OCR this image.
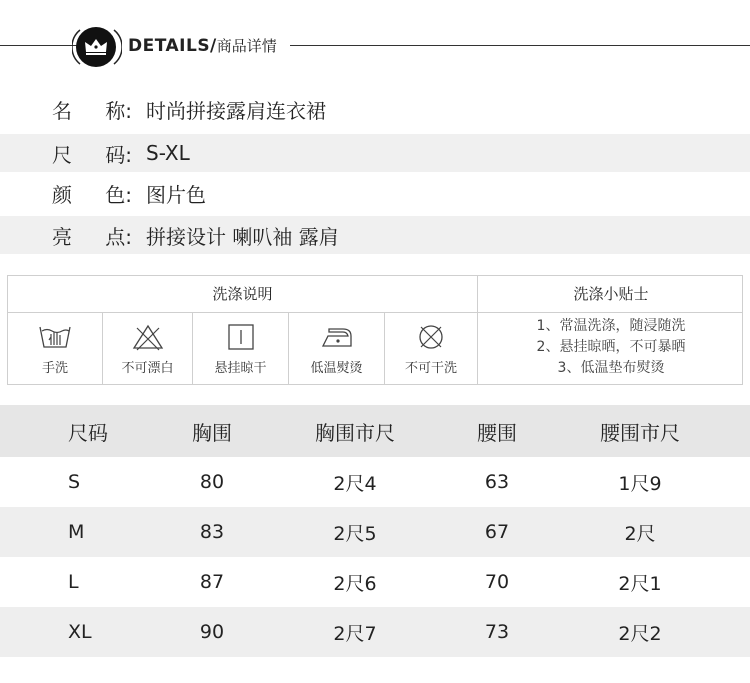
DETAILS/商品详情
名 称: 时尚拼接露肩连衣裙
尺 码: S-XL
颜 色: 图片色
亮 点: 拼接设计 喇叭袖 露肩
洗涤说明	洗涤小贴士
手洗	不可漂白	悬挂晾干	低温熨烫	不可干洗
1、常温洗涤，随浸随洗
2、悬挂晾晒，不可暴晒
3、低温垫布熨烫
尺码	胸围	胸围市尺	腰围	腰围市尺
S	80	2尺4	63	1尺9
M	83	2尺5	67	2尺
L	87	2尺6	70	2尺1
XL	90	2尺7	73	2尺2
